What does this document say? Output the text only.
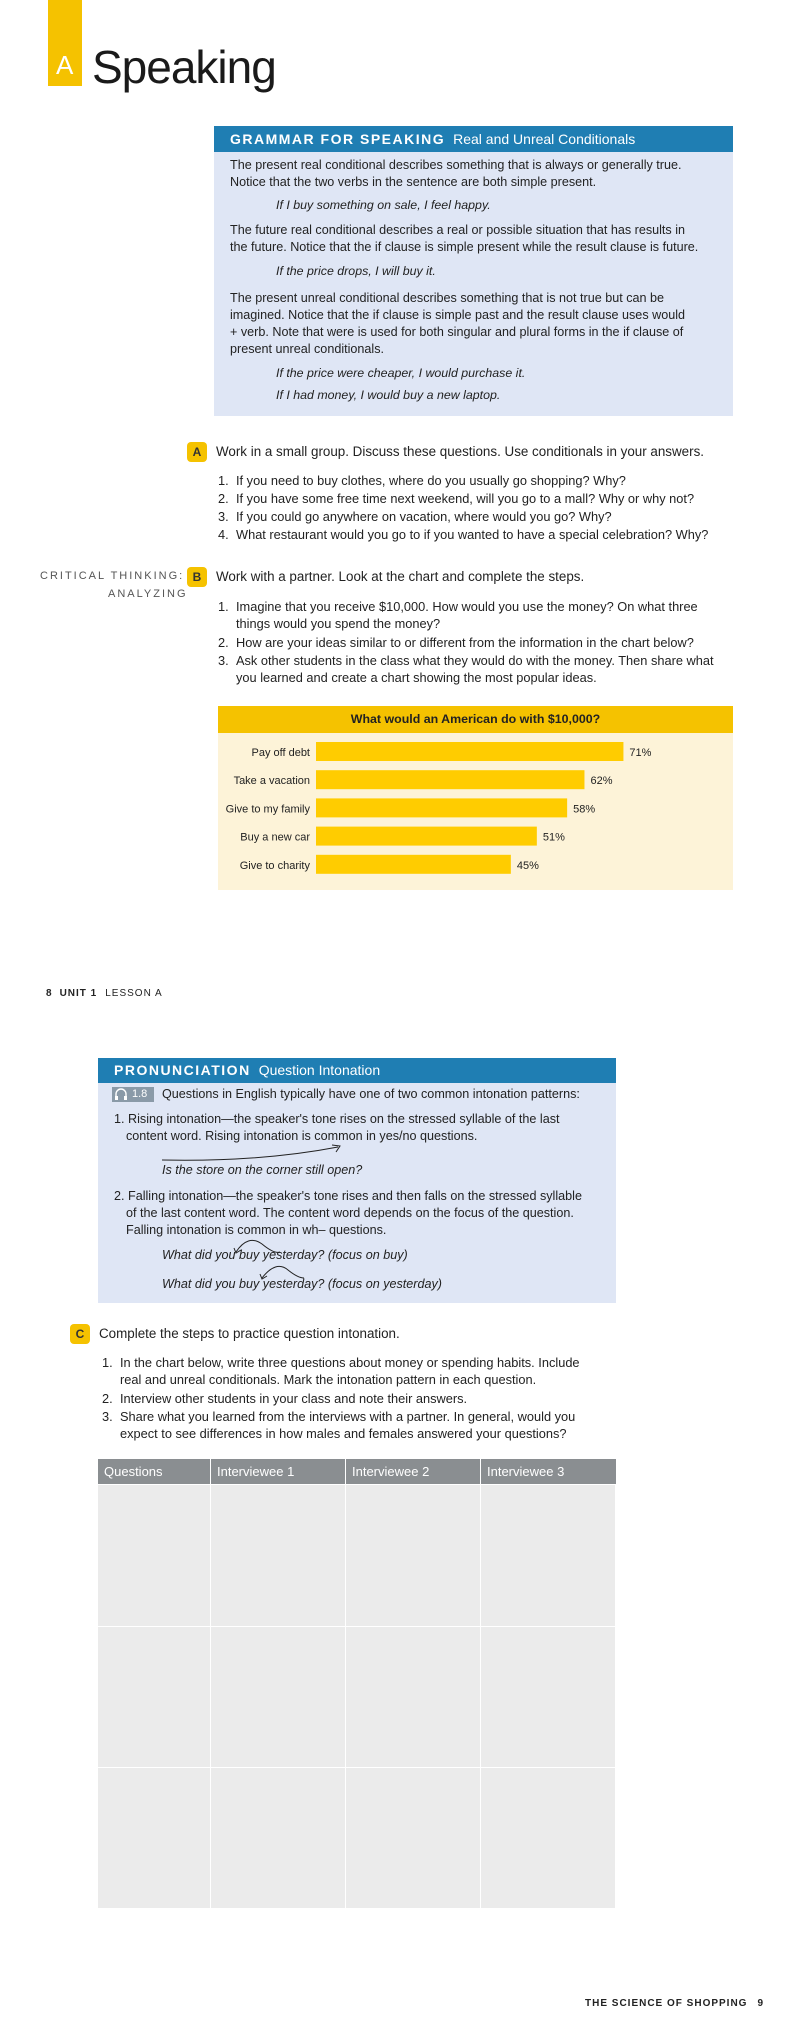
A Speaking
GRAMMAR FOR SPEAKING Real and Unreal Conditionals
The present real conditional describes something that is always or generally true.
Notice that the two verbs in the sentence are both simple present.
If I buy something on sale, I feel happy.
The future real conditional describes a real or possible situation that has results in
the future. Notice that the if clause is simple present while the result clause is future.
If the price drops, I will buy it.
The present unreal conditional describes something that is not true but can be
imagined. Notice that the if clause is simple past and the result clause uses would
+ verb. Note that were is used for both singular and plural forms in the if clause of
present unreal conditionals.
If the price were cheaper, I would purchase it.
If I had money, I would buy a new laptop.
A	Work in a small group. Discuss these questions. Use conditionals in your answers.
1. If you need to buy clothes, where do you usually go shopping? Why?
2. If you have some free time next weekend, will you go to a mall? Why or why not?
3. If you could go anywhere on vacation, where would you go? Why?
4. What restaurant would you go to if you wanted to have a special celebration? Why?
CRITICAL THINKING:
ANALYZING
B	Work with a partner. Look at the chart and complete the steps.
1. Imagine that you receive $10,000. How would you use the money? On what three
things would you spend the money?
2. How are your ideas similar to or different from the information in the chart below?
3. Ask other students in the class what they would do with the money. Then share what
you learned and create a chart showing the most popular ideas.
What would an American do with $10,000?
Pay off debt	71%
Take a vacation	62%
Give to my family	58%
Buy a new car	51%
Give to charity	45%
8 UNIT 1 LESSON A
PRONUNCIATION Question Intonation
1.8 Questions in English typically have one of two common intonation patterns:
1. Rising intonation—the speaker's tone rises on the stressed syllable of the last
content word. Rising intonation is common in yes/no questions.
Is the store on the corner still open?
2. Falling intonation—the speaker's tone rises and then falls on the stressed syllable
of the last content word. The content word depends on the focus of the question.
Falling intonation is common in wh– questions.
What did you buy yesterday? (focus on buy)
What did you buy yesterday? (focus on yesterday)
C	Complete the steps to practice question intonation.
1. In the chart below, write three questions about money or spending habits. Include
real and unreal conditionals. Mark the intonation pattern in each question.
2. Interview other students in your class and note their answers.
3. Share what you learned from the interviews with a partner. In general, would you
expect to see differences in how males and females answered your questions?
Questions	Interviewee 1	Interviewee 2	Interviewee 3
THE SCIENCE OF SHOPPING 9
